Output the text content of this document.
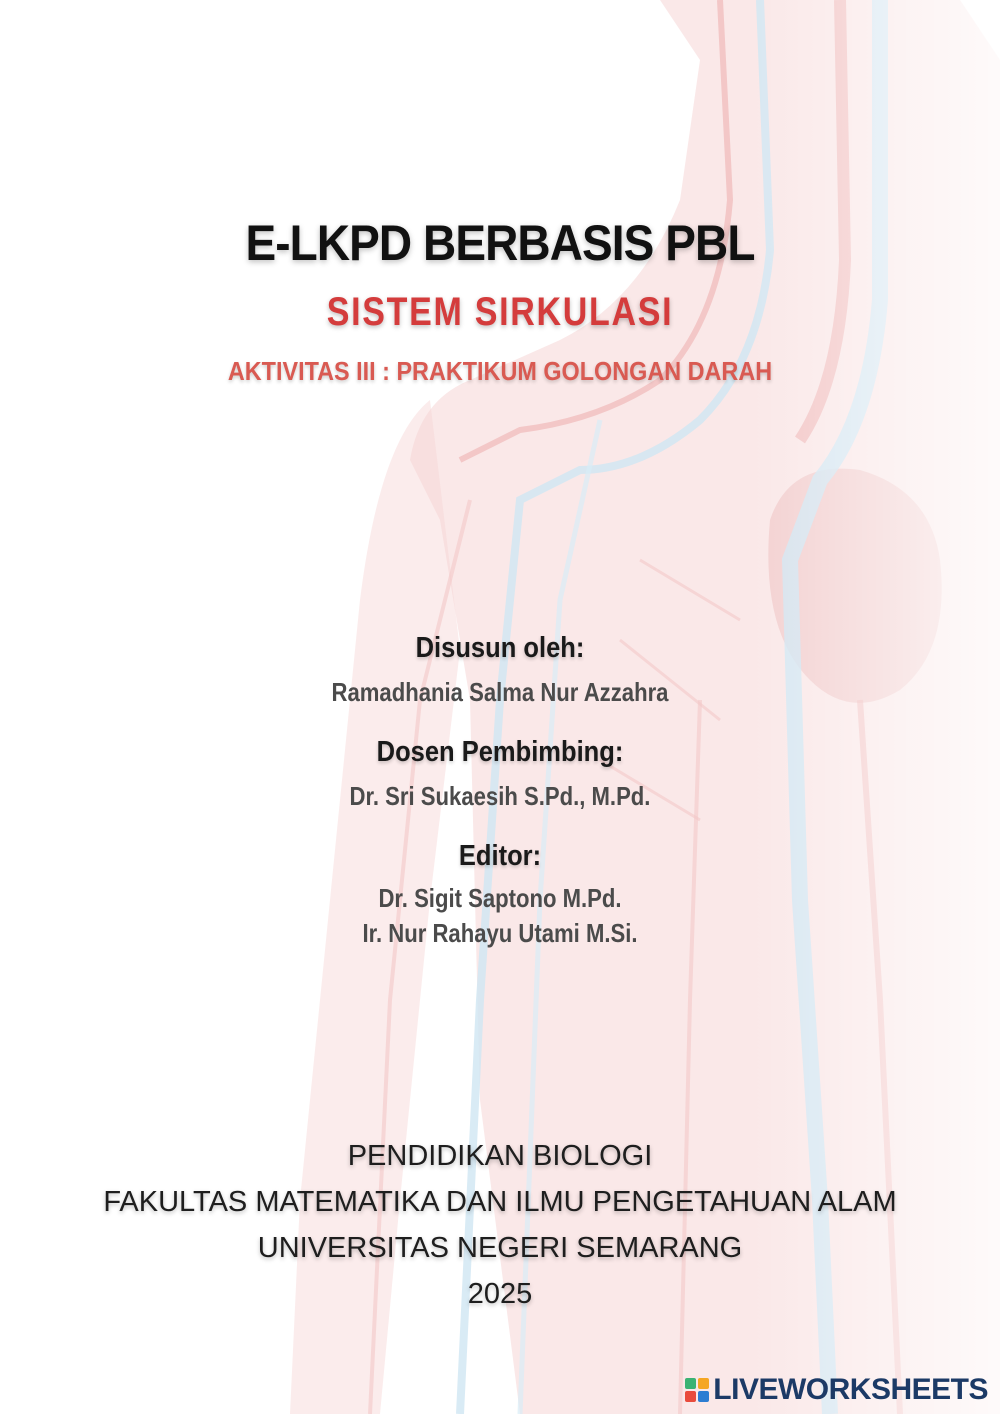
E-LKPD BERBASIS PBL
SISTEM SIRKULASI
AKTIVITAS III : PRAKTIKUM GOLONGAN DARAH
Disusun oleh:
Ramadhania Salma Nur Azzahra
Dosen Pembimbing:
Dr. Sri Sukaesih S.Pd., M.Pd.
Editor:
Dr. Sigit Saptono M.Pd.
Ir. Nur Rahayu Utami M.Si.
PENDIDIKAN BIOLOGI
FAKULTAS MATEMATIKA DAN ILMU PENGETAHUAN ALAM
UNIVERSITAS NEGERI SEMARANG
2025
LIVEWORKSHEETS
